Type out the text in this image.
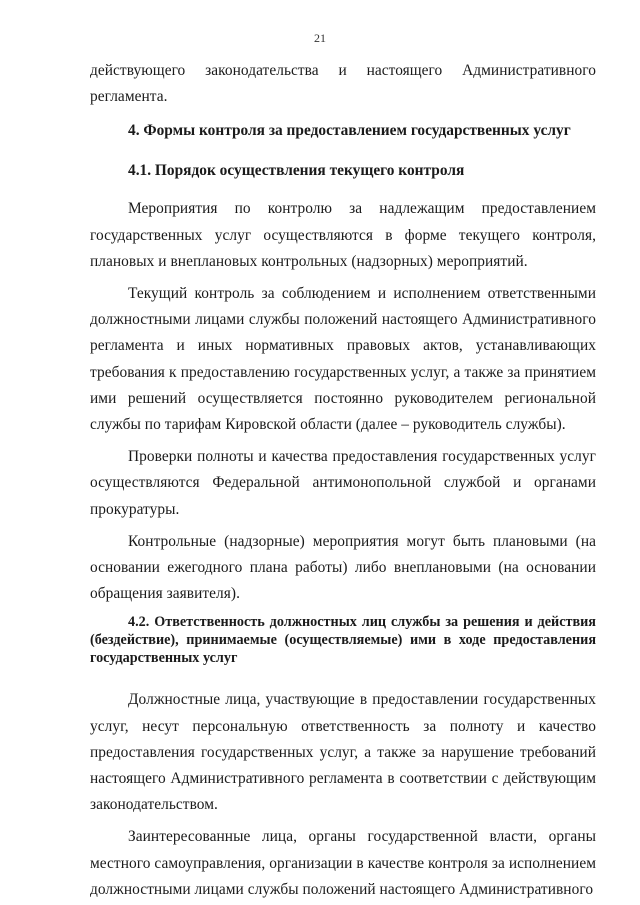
21

действующего законодательства и настоящего Административного регламента.

4. Формы контроля за предоставлением государственных услуг
4.1. Порядок осуществления текущего контроля

Мероприятия по контролю за надлежащим предоставлением государственных услуг осуществляются в форме текущего контроля, плановых и внеплановых контрольных (надзорных) мероприятий.

Текущий контроль за соблюдением и исполнением ответственными должностными лицами службы положений настоящего Административного регламента и иных нормативных правовых актов, устанавливающих требования к предоставлению государственных услуг, а также за принятием ими решений осуществляется постоянно руководителем региональной службы по тарифам Кировской области (далее – руководитель службы).

Проверки полноты и качества предоставления государственных услуг осуществляются Федеральной антимонопольной службой и органами прокуратуры.

Контрольные (надзорные) мероприятия могут быть плановыми (на основании ежегодного плана работы) либо внеплановыми (на основании обращения заявителя).

4.2. Ответственность должностных лиц службы за решения и действия (бездействие), принимаемые (осуществляемые) ими в ходе предоставления государственных услуг

Должностные лица, участвующие в предоставлении государственных услуг, несут персональную ответственность за полноту и качество предоставления государственных услуг, а также за нарушение требований настоящего Административного регламента в соответствии с действующим законодательством.

Заинтересованные лица, органы государственной власти, органы местного самоуправления, организации в качестве контроля за исполнением должностными лицами службы положений настоящего Административного
